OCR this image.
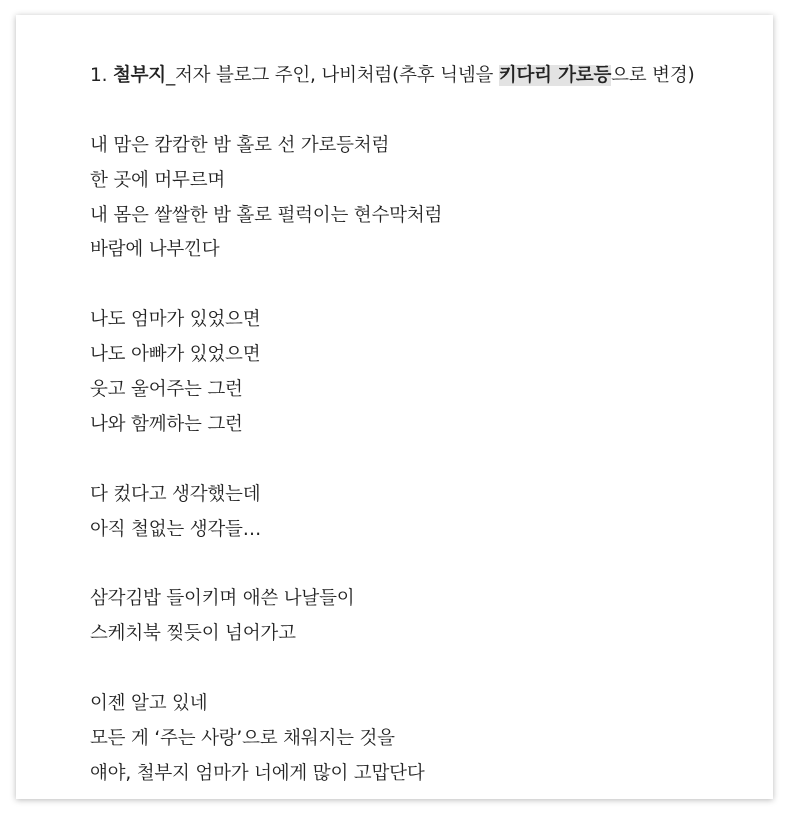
1. 철부지_저자 블로그 주인, 나비처럼(추후 닉넴을 키다리 가로등으로 변경)
내 맘은 캄캄한 밤 홀로 선 가로등처럼
한 곳에 머무르며
내 몸은 쌀쌀한 밤 홀로 펄럭이는 현수막처럼
바람에 나부낀다
나도 엄마가 있었으면
나도 아빠가 있었으면
웃고 울어주는 그런
나와 함께하는 그런
다 컸다고 생각했는데
아직 철없는 생각들…
삼각김밥 들이키며 애쓴 나날들이
스케치북 찢듯이 넘어가고
이젠 알고 있네
모든 게 ‘주는 사랑’으로 채워지는 것을
얘야, 철부지 엄마가 너에게 많이 고맙단다
